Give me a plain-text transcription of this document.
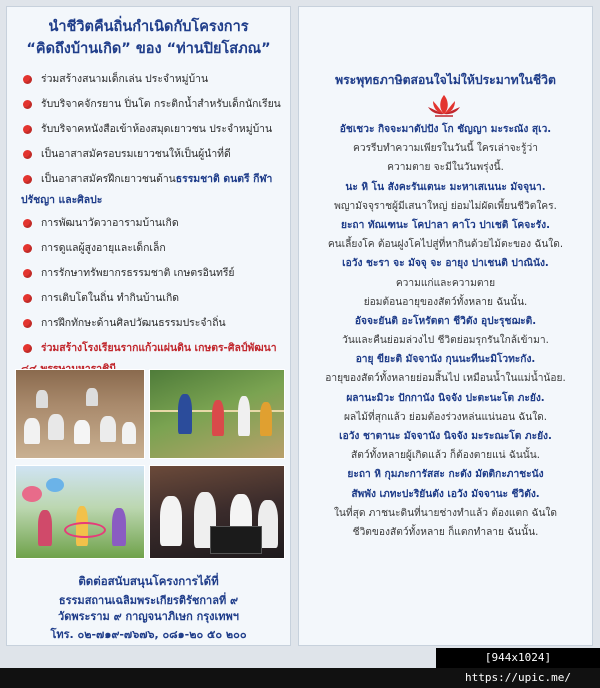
นำชีวิตคืนถิ่นกำเนิดกับโครงการ
“คิดถึงบ้านเกิด” ของ “ท่านปิยโสภณ”
ร่วมสร้างสนามเด็กเล่น ประจำหมู่บ้าน
รับบริจาคจักรยาน ปิ่นโต กระติกน้ำสำหรับเด็กนักเรียน
รับบริจาคหนังสือเข้าห้องสมุดเยาวชน ประจำหมู่บ้าน
เป็นอาสาสมัครอบรมเยาวชนให้เป็นผู้นำที่ดี
เป็นอาสาสมัครฝึกเยาวชนด้านธรรมชาติ ดนตรี กีฬา
ปรัชญา และศิลปะ
การพัฒนาวัดวาอารามบ้านเกิด
การดูแลผู้สูงอายุและเด็กเล็ก
การรักษาทรัพยากรธรรมชาติ เกษตรอินทรีย์
การเติบโตในถิ่น ทำกินบ้านเกิด
การฝึกทักษะด้านศิลปวัฒนธรรมประจำถิ่น
ร่วมสร้างโรงเรียนรากแก้วแผ่นดิน เกษตร-ศิลป์พัฒนา
ติดต่อสนับสนุนโครงการได้ที่
ธรรมสถานเฉลิมพระเกียรติรัชกาลที่ ๙
วัดพระราม ๙ กาญจนาภิเษก กรุงเทพฯ
โทร. ๐๒-๗๑๙-๗๖๗๖, ๐๘๑-๒๐ ๕๐ ๒๐๐
พระพุทธภาษิตสอนใจไม่ให้ประมาทในชีวิต
อัชเชวะ กิจจะมาตัปปัง โก ชัญญา มะระณัง สุเว.
ควรรีบทำความเพียรในวันนี้ ใครเล่าจะรู้ว่า
ความตาย จะมีในวันพรุ่งนี้.
นะ หิ โน สังคะรันเตนะ มะหาเสเนนะ มัจจุนา.
พญามัจจุราชผู้มีเสนาใหญ่ ย่อมไม่ผัดเพี้ยนชีวิตใคร.
ยะถา ทัณเฑนะ โคปาลา คาโว ปาเชติ โคจะรัง.
คนเลี้ยงโค ต้อนฝูงโคไปสู่ที่หากินด้วยไม้ตะของ ฉันใด.
เอวัง ชะรา จะ มัจจุ จะ อายุง ปาเชนติ ปาณินัง.
ความแก่และความตาย
ย่อมต้อนอายุของสัตว์ทั้งหลาย ฉันนั้น.
อัจจะยันติ อะโหรัตตา ชีวิตัง อุปะรุชฌะติ.
วันและคืนย่อมล่วงไป ชีวิตย่อมรุกรันใกล้เข้ามา.
อายุ ขียะติ มัจจานัง กุนนะทีนะมิโวทะกัง.
อายุของสัตว์ทั้งหลายย่อมสิ้นไป เหมือนน้ำในแม่น้ำน้อย.
ผลานะมิวะ ปักกานัง นิจจัง ปะตะนะโต ภะยัง.
ผลไม้ที่สุกแล้ว ย่อมต้องร่วงหล่นแน่นอน ฉันใด.
เอวัง ชาตานะ มัจจานัง นิจจัง มะระณะโต ภะยัง.
สัตว์ทั้งหลายผู้เกิดแล้ว ก็ต้องตายแน่ ฉันนั้น.
ยะถา หิ กุมภะการัสสะ กะตัง มัตติกะภาชะนัง
สัพพัง เภทะปะริยันตัง เอวัง มัจจานะ ชีวิตัง.
ในที่สุด ภาชนะดินที่นายช่างทำแล้ว ต้องแตก ฉันใด
ชีวิตของสัตว์ทั้งหลาย ก็แตกทำลาย ฉันนั้น.
[944x1024] https://upic.me/
